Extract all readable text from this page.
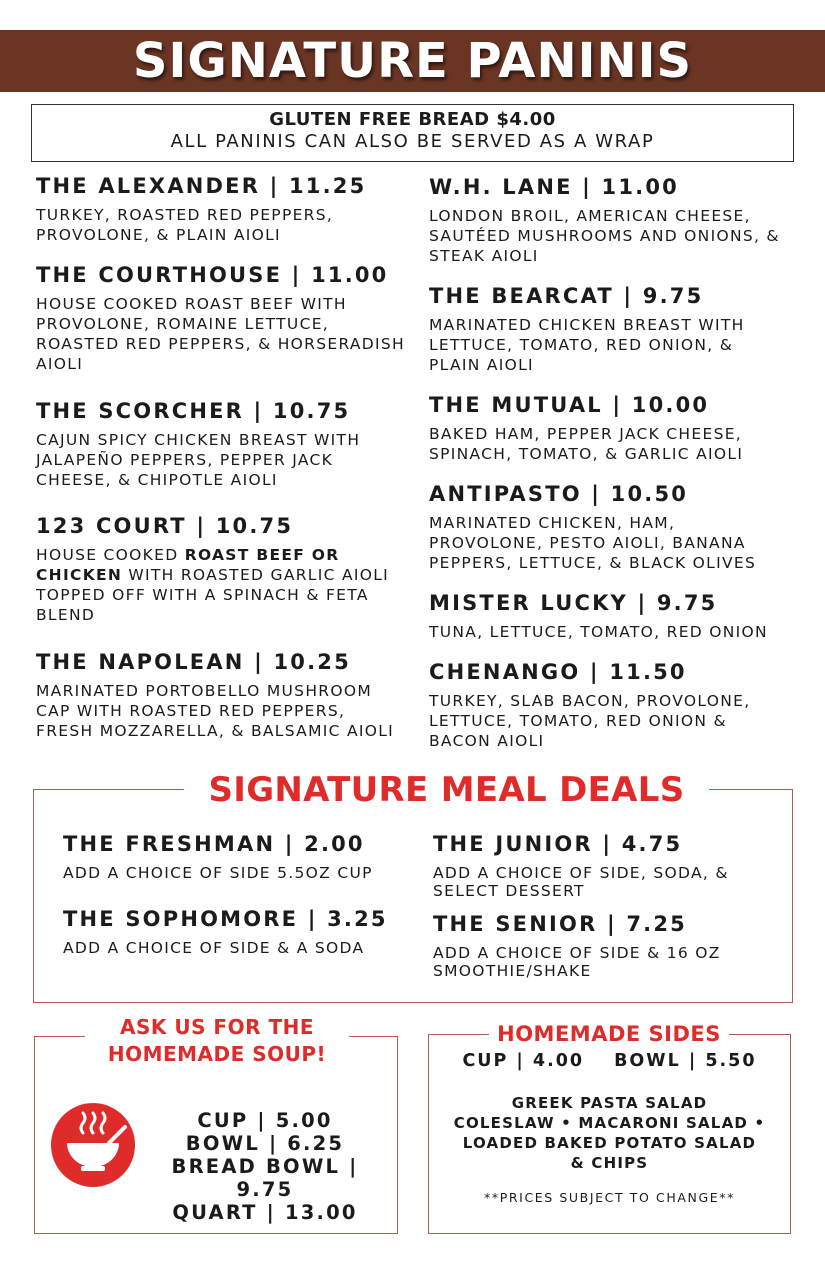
SIGNATURE PANINIS
GLUTEN FREE BREAD $4.00
ALL PANINIS CAN ALSO BE SERVED AS A WRAP
THE ALEXANDER | 11.25
TURKEY, ROASTED RED PEPPERS, PROVOLONE, & PLAIN AIOLI
THE COURTHOUSE | 11.00
HOUSE COOKED ROAST BEEF WITH PROVOLONE, ROMAINE LETTUCE, ROASTED RED PEPPERS, & HORSERADISH AIOLI
THE SCORCHER | 10.75
CAJUN SPICY CHICKEN BREAST WITH JALAPEÑO PEPPERS, PEPPER JACK CHEESE, & CHIPOTLE AIOLI
123 COURT | 10.75
HOUSE COOKED ROAST BEEF OR CHICKEN WITH ROASTED GARLIC AIOLI TOPPED OFF WITH A SPINACH & FETA BLEND
THE NAPOLEAN | 10.25
MARINATED PORTOBELLO MUSHROOM CAP WITH ROASTED RED PEPPERS, FRESH MOZZARELLA, & BALSAMIC AIOLI
W.H. LANE | 11.00
LONDON BROIL, AMERICAN CHEESE, SAUTÉED MUSHROOMS AND ONIONS, & STEAK AIOLI
THE BEARCAT | 9.75
MARINATED CHICKEN BREAST WITH LETTUCE, TOMATO, RED ONION, & PLAIN AIOLI
THE MUTUAL | 10.00
BAKED HAM, PEPPER JACK CHEESE, SPINACH, TOMATO, & GARLIC AIOLI
ANTIPASTO | 10.50
MARINATED CHICKEN, HAM, PROVOLONE, PESTO AIOLI, BANANA PEPPERS, LETTUCE, & BLACK OLIVES
MISTER LUCKY | 9.75
TUNA, LETTUCE, TOMATO, RED ONION
CHENANGO | 11.50
TURKEY, SLAB BACON, PROVOLONE, LETTUCE, TOMATO, RED ONION & BACON AIOLI
SIGNATURE MEAL DEALS
THE FRESHMAN | 2.00
ADD A CHOICE OF SIDE 5.5OZ CUP
THE SOPHOMORE | 3.25
ADD A CHOICE OF SIDE & A SODA
THE JUNIOR | 4.75
ADD A CHOICE OF SIDE, SODA, & SELECT DESSERT
THE SENIOR | 7.25
ADD A CHOICE OF SIDE & 16 OZ SMOOTHIE/SHAKE
ASK US FOR THE
HOMEMADE SOUP!
CUP | 5.00
BOWL | 6.25
BREAD BOWL | 9.75
QUART | 13.00
HOMEMADE SIDES
CUP | 4.00 BOWL | 5.50
GREEK PASTA SALAD
COLESLAW • MACARONI SALAD •
LOADED BAKED POTATO SALAD
& CHIPS
**PRICES SUBJECT TO CHANGE**
